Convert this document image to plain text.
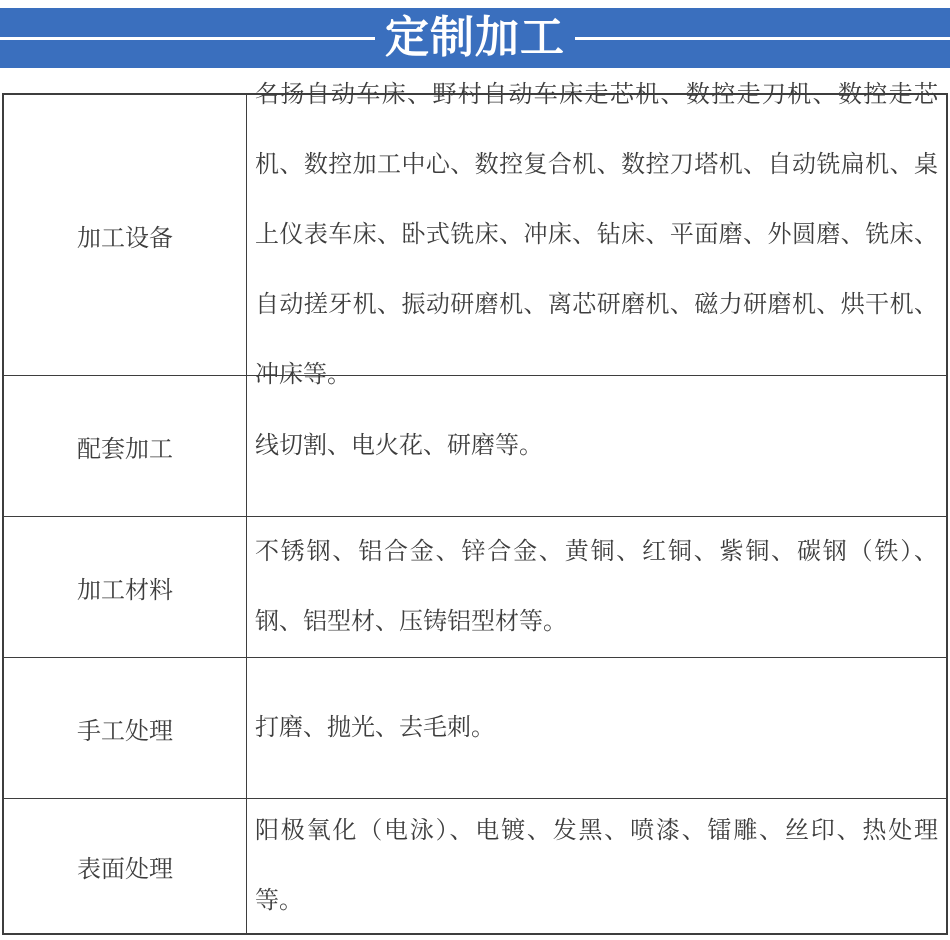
定制加工
加工设备
名扬自动车床、野村自动车床走芯机、数控走刀机、数控走芯机、数控加工中心、数控复合机、数控刀塔机、自动铣扁机、桌上仪表车床、卧式铣床、冲床、钻床、平面磨、外圆磨、铣床、自动搓牙机、振动研磨机、离芯研磨机、磁力研磨机、烘干机、冲床等。
配套加工	线切割、电火花、研磨等。
加工材料
不锈钢、铝合金、锌合金、黄铜、红铜、紫铜、碳钢（铁）、钢、铝型材、压铸铝型材等。
手工处理	打磨、抛光、去毛刺。
表面处理
阳极氧化（电泳）、电镀、发黑、喷漆、镭雕、丝印、热处理等。
